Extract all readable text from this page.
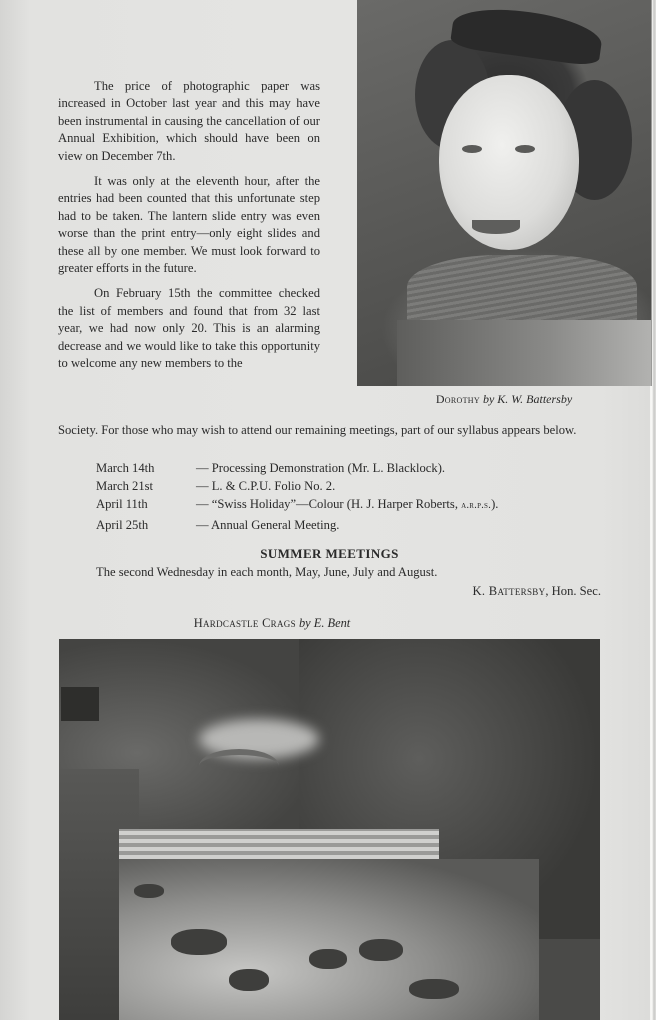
The price of photographic paper was increased in October last year and this may have been instrumental in causing the cancellation of our Annual Exhibition, which should have been on view on December 7th.

It was only at the eleventh hour, after the entries had been counted that this unfortunate step had to be taken. The lantern slide entry was even worse than the print entry—only eight slides and these all by one member. We must look forward to greater efforts in the future.

On February 15th the committee checked the list of members and found that from 32 last year, we had now only 20. This is an alarming decrease and we would like to take this opportunity to welcome any new members to the

Society. For those who may wish to attend our remaining meetings, part of our syllabus appears below.
Dorothy by K. W. Battersby
March 14th	— Processing Demonstration (Mr. L. Blacklock).
March 21st	— L. & C.P.U. Folio No. 2.
April 11th	— “Swiss Holiday”—Colour (H. J. Harper Roberts, a.r.p.s.).
April 25th	— Annual General Meeting.
SUMMER MEETINGS
The second Wednesday in each month, May, June, July and August.
K. Battersby, Hon. Sec.
Hardcastle Crags by E. Bent
